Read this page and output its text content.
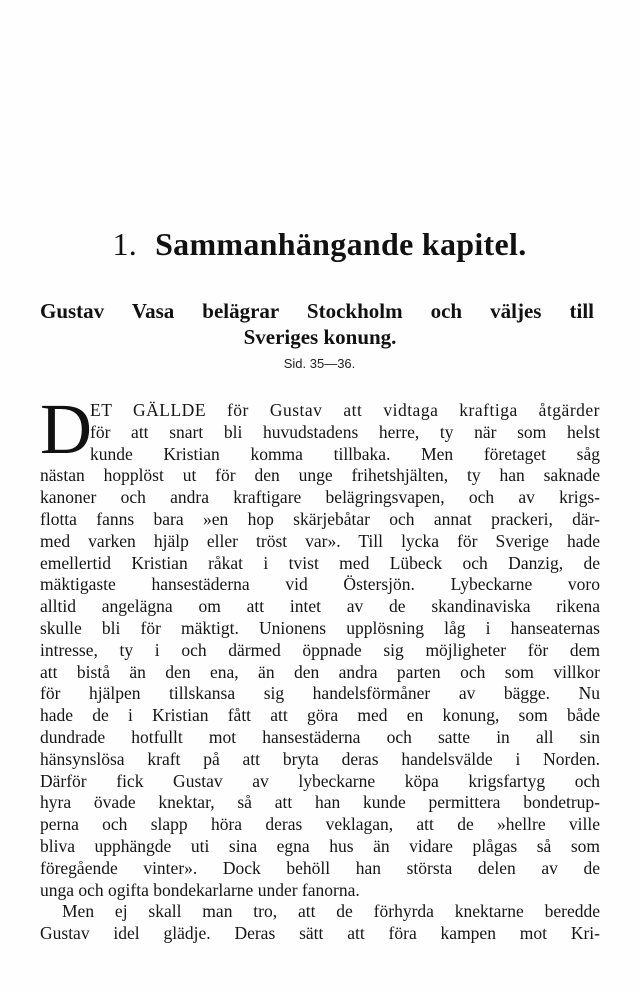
1. Sammanhängande kapitel.
Gustav Vasa belägrar Stockholm och väljes till
Sveriges konung.
Sid. 35—36.
D
ET GÄLLDE för Gustav att vidtaga kraftiga åtgärder
för att snart bli huvudstadens herre, ty när som helst
kunde Kristian komma tillbaka. Men företaget såg
nästan hopplöst ut för den unge frihetshjälten, ty han saknade
kanoner och andra kraftigare belägringsvapen, och av krigs-
flotta fanns bara »en hop skärjebåtar och annat prackeri, där-
med varken hjälp eller tröst var». Till lycka för Sverige hade
emellertid Kristian råkat i tvist med Lübeck och Danzig, de
mäktigaste hansestäderna vid Östersjön. Lybeckarne voro
alltid angelägna om att intet av de skandinaviska rikena
skulle bli för mäktigt. Unionens upplösning låg i hanseaternas
intresse, ty i och därmed öppnade sig möjligheter för dem
att bistå än den ena, än den andra parten och som villkor
för hjälpen tillskansa sig handelsförmåner av bägge. Nu
hade de i Kristian fått att göra med en konung, som både
dundrade hotfullt mot hansestäderna och satte in all sin
hänsynslösa kraft på att bryta deras handelsvälde i Norden.
Därför fick Gustav av lybeckarne köpa krigsfartyg och
hyra övade knektar, så att han kunde permittera bondetrup-
perna och slapp höra deras veklagan, att de »hellre ville
bliva upphängde uti sina egna hus än vidare plågas så som
föregående vinter». Dock behöll han största delen av de
unga och ogifta bondekarlarne under fanorna.
Men ej skall man tro, att de förhyrda knektarne beredde
Gustav idel glädje. Deras sätt att föra kampen mot Kri-
